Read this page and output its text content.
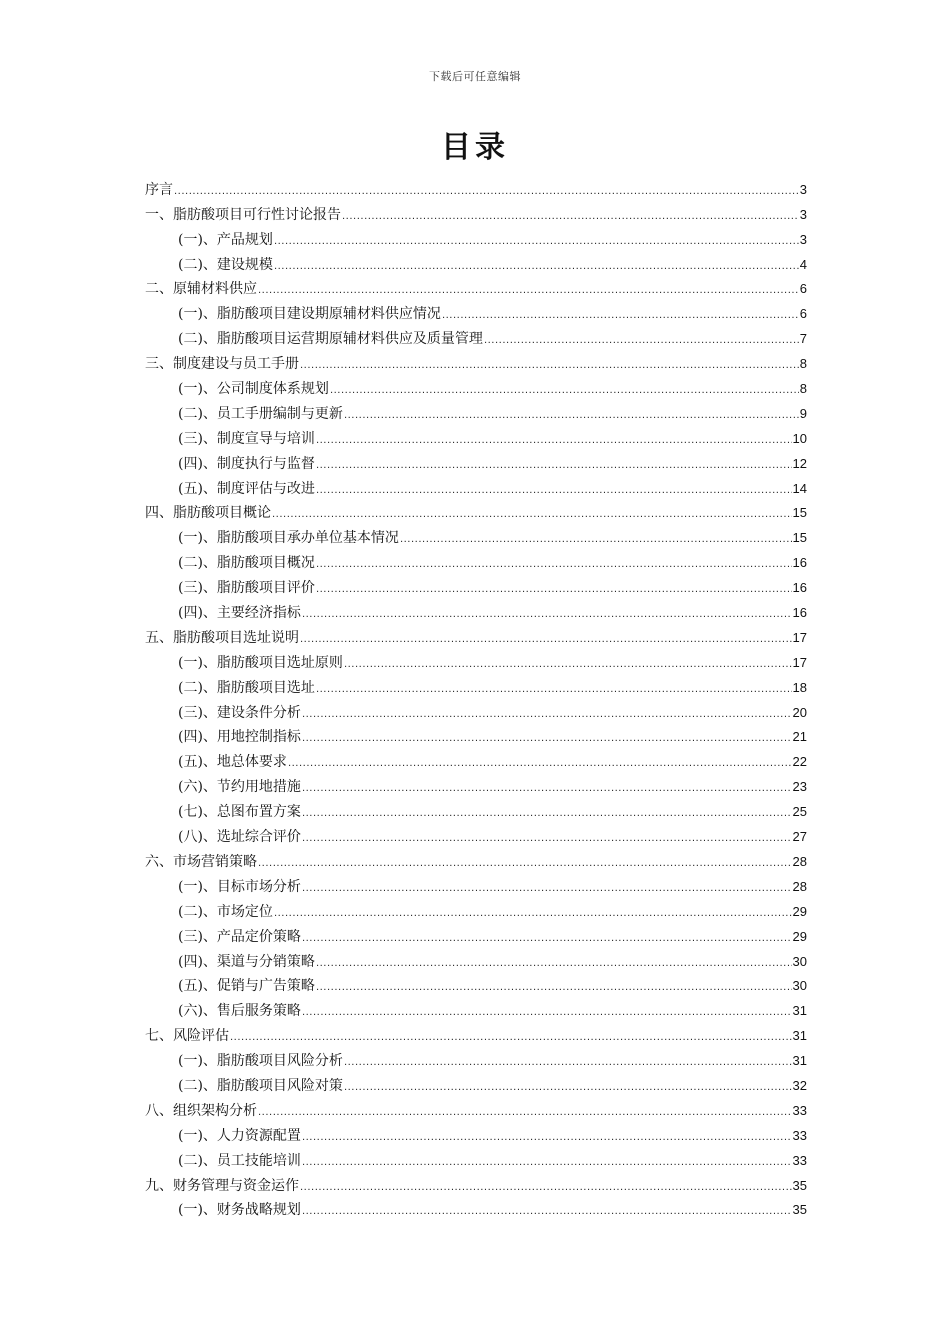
下载后可任意编辑
目录
序言 .....	3
一、脂肪酸项目可行性讨论报告 .....	3
(一)、产品规划 .....	3
(二)、建设规模 .....	4
二、原辅材料供应 .....	6
(一)、脂肪酸项目建设期原辅材料供应情况 .....	6
(二)、脂肪酸项目运营期原辅材料供应及质量管理 .....	7
三、制度建设与员工手册 .....	8
(一)、公司制度体系规划 .....	8
(二)、员工手册编制与更新 .....	9
(三)、制度宣导与培训 .....	10
(四)、制度执行与监督 .....	12
(五)、制度评估与改进 .....	14
四、脂肪酸项目概论 .....	15
(一)、脂肪酸项目承办单位基本情况 .....	15
(二)、脂肪酸项目概况 .....	16
(三)、脂肪酸项目评价 .....	16
(四)、主要经济指标 .....	16
五、脂肪酸项目选址说明 .....	17
(一)、脂肪酸项目选址原则 .....	17
(二)、脂肪酸项目选址 .....	18
(三)、建设条件分析 .....	20
(四)、用地控制指标 .....	21
(五)、地总体要求 .....	22
(六)、节约用地措施 .....	23
(七)、总图布置方案 .....	25
(八)、选址综合评价 .....	27
六、市场营销策略 .....	28
(一)、目标市场分析 .....	28
(二)、市场定位 .....	29
(三)、产品定价策略 .....	29
(四)、渠道与分销策略 .....	30
(五)、促销与广告策略 .....	30
(六)、售后服务策略 .....	31
七、风险评估 .....	31
(一)、脂肪酸项目风险分析 .....	31
(二)、脂肪酸项目风险对策 .....	32
八、组织架构分析 .....	33
(一)、人力资源配置 .....	33
(二)、员工技能培训 .....	33
九、财务管理与资金运作 .....	35
(一)、财务战略规划 .....	35
